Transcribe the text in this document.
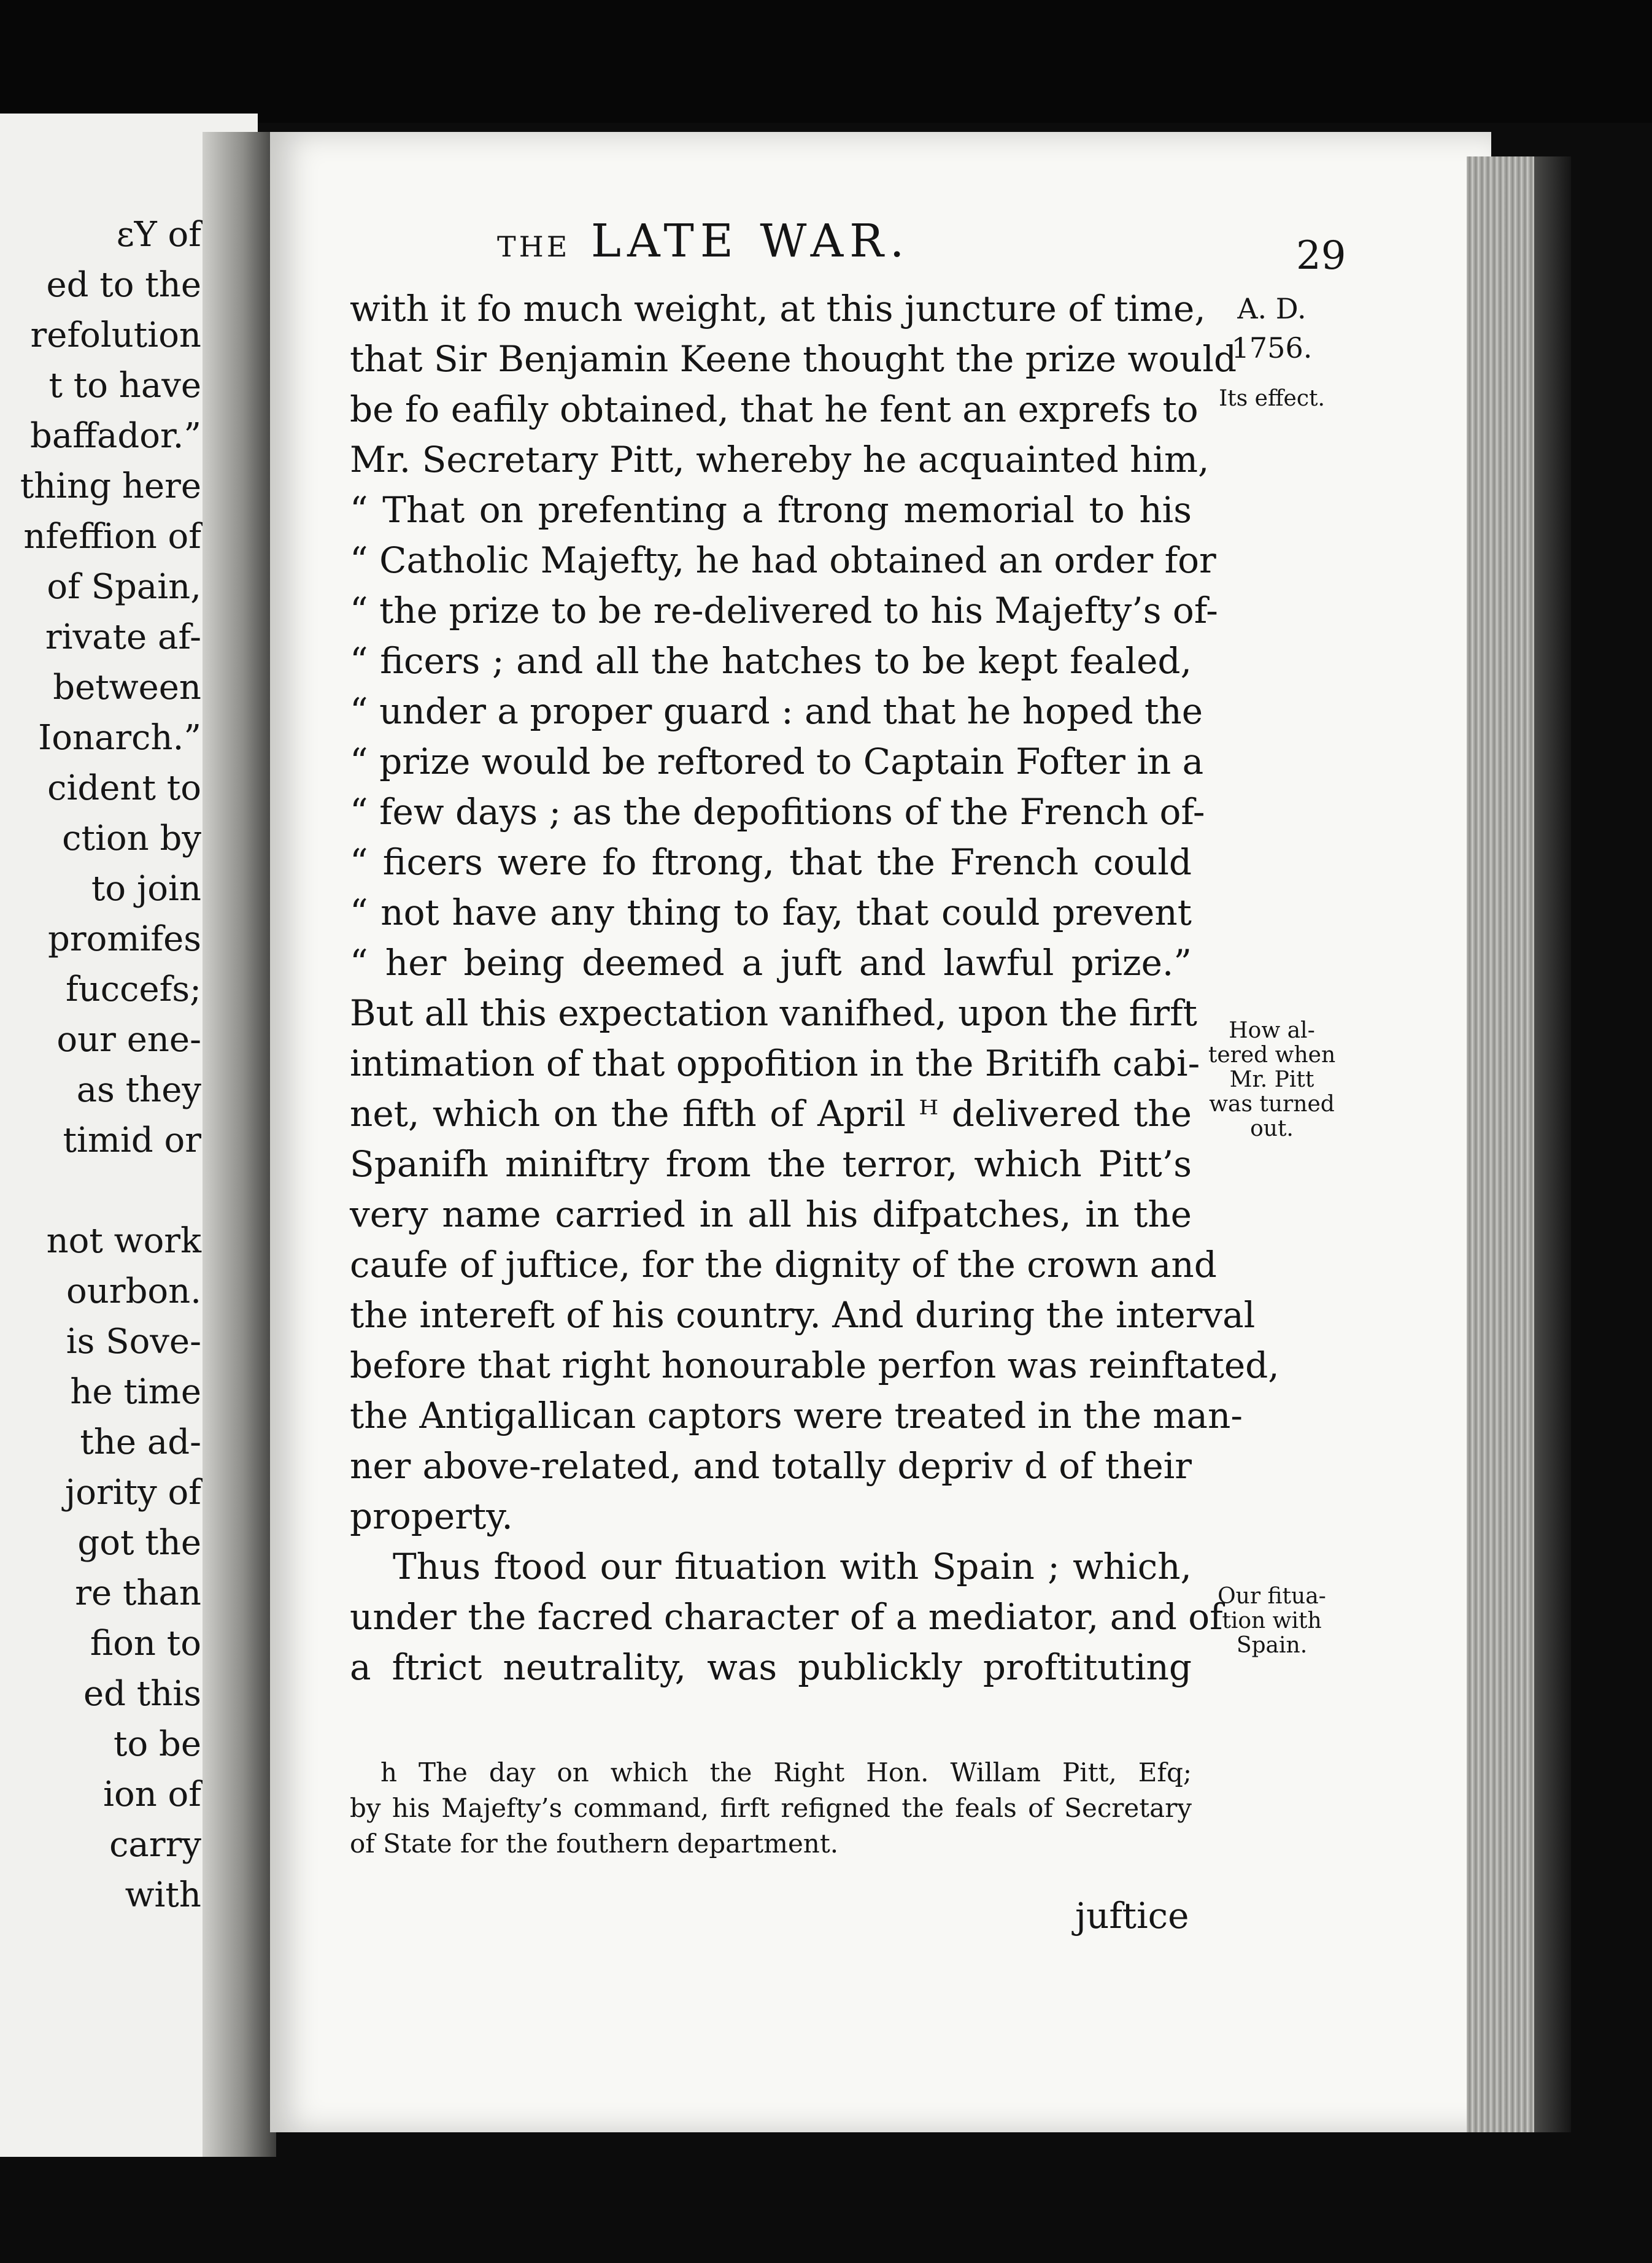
ɛY of
ed to the
refolution
t to have
baffador.”
thing here
nfeffion of
of Spain,
rivate af-
between
Ionarch.”
cident to
ction by
to join
promifes
fuccefs;
our ene-
as they
timid or
not work
ourbon.
is Sove-
he time
the ad-
jority of
got the
re than
fion to
ed this
to be
ion of
carry
with
THE LATE WAR.	29
with it fo much weight, at this juncture of time,
that Sir Benjamin Keene thought the prize would
be fo eafily obtained, that he fent an exprefs to
Mr. Secretary Pitt, whereby he acquainted him,
“ That on prefenting a ftrong memorial to his
“ Catholic Majefty, he had obtained an order for
“ the prize to be re-delivered to his Majefty’s of-
“ ficers ; and all the hatches to be kept fealed,
“ under a proper guard : and that he hoped the
“ prize would be reftored to Captain Fofter in a
“ few days ; as the depofitions of the French of-
“ ficers were fo ftrong, that the French could
“ not have any thing to fay, that could prevent
“ her being deemed a juft and lawful prize.”
But all this expectation vanifhed, upon the firft
intimation of that oppofition in the Britifh cabi-
net, which on the fifth of April ᴴ delivered the
Spanifh miniftry from the terror, which Pitt’s
very name carried in all his difpatches, in the
caufe of juftice, for the dignity of the crown and
the intereft of his country. And during the interval
before that right honourable perfon was reinftated,
the Antigallican captors were treated in the man-
ner above-related, and totally depriv d of their
property.
Thus ftood our fituation with Spain ; which,
under the facred character of a mediator, and of
a ftrict neutrality, was publickly proftituting
A. D.
1756.
Its effect.
How al-
tered when
Mr. Pitt
was turned
out.
Our fitua-
tion with
Spain.
h The day on which the Right Hon. Willam Pitt, Efq;
by his Majefty’s command, firft refigned the feals of Secretary
of State for the fouthern department.
juftice
